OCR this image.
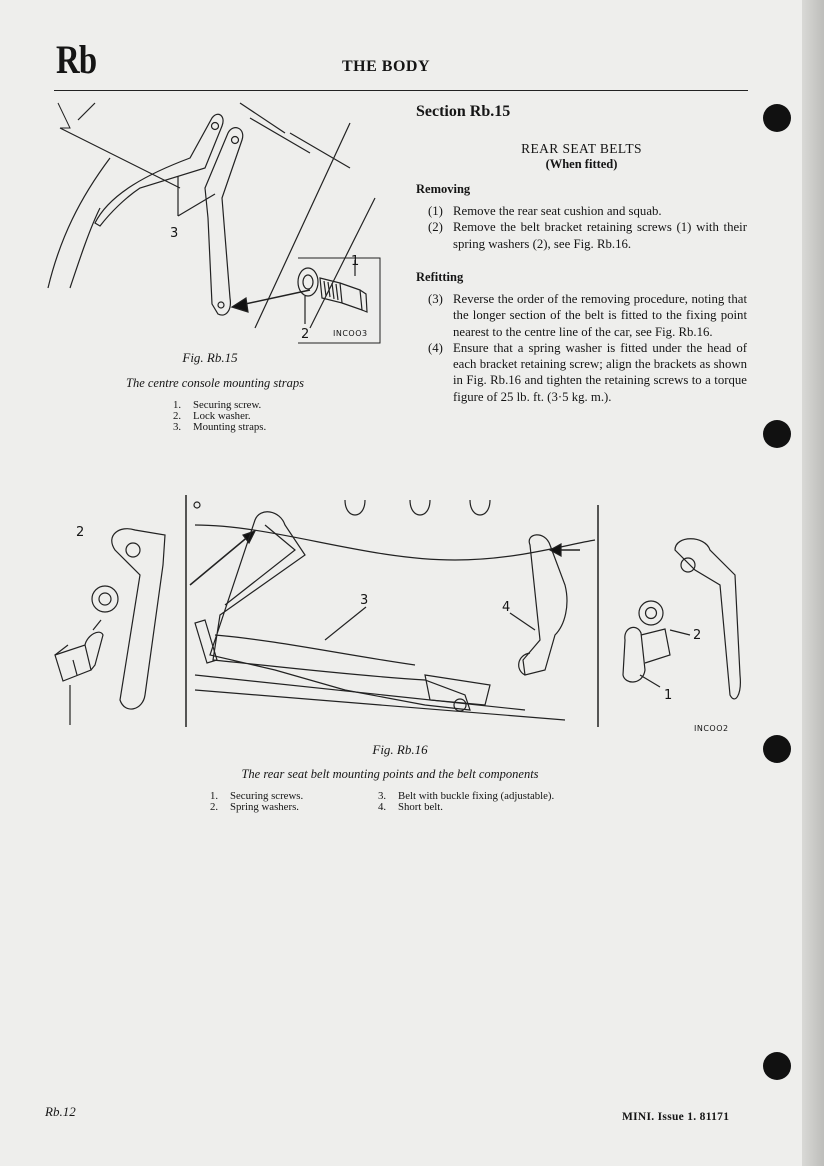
Rb	THE BODY
Section Rb.15
REAR SEAT BELTS
(When fitted)
Removing
(1) Remove the rear seat cushion and squab.
(2) Remove the belt bracket retaining screws (1) with their spring washers (2), see Fig. Rb.16.
Refitting
(3) Reverse the order of the removing procedure, noting that the longer section of the belt is fitted to the fixing point nearest to the centre line of the car, see Fig. Rb.16.
(4) Ensure that a spring washer is fitted under the head of each bracket retaining screw; align the brackets as shown in Fig. Rb.16 and tighten the retaining screws to a torque figure of 25 lb. ft. (3·5 kg. m.).
1
2
3
INCOO3
Fig. Rb.15
The centre console mounting straps
1.	Securing screw.
2.	Lock washer.
3.	Mounting straps.
2
3	4
2
1
INCOO2
Fig. Rb.16
The rear seat belt mounting points and the belt components
1.	Securing screws.
2.	Spring washers.
3.	Belt with buckle fixing (adjustable).
4.	Short belt.
Rb.12	MINI. Issue 1. 81171
